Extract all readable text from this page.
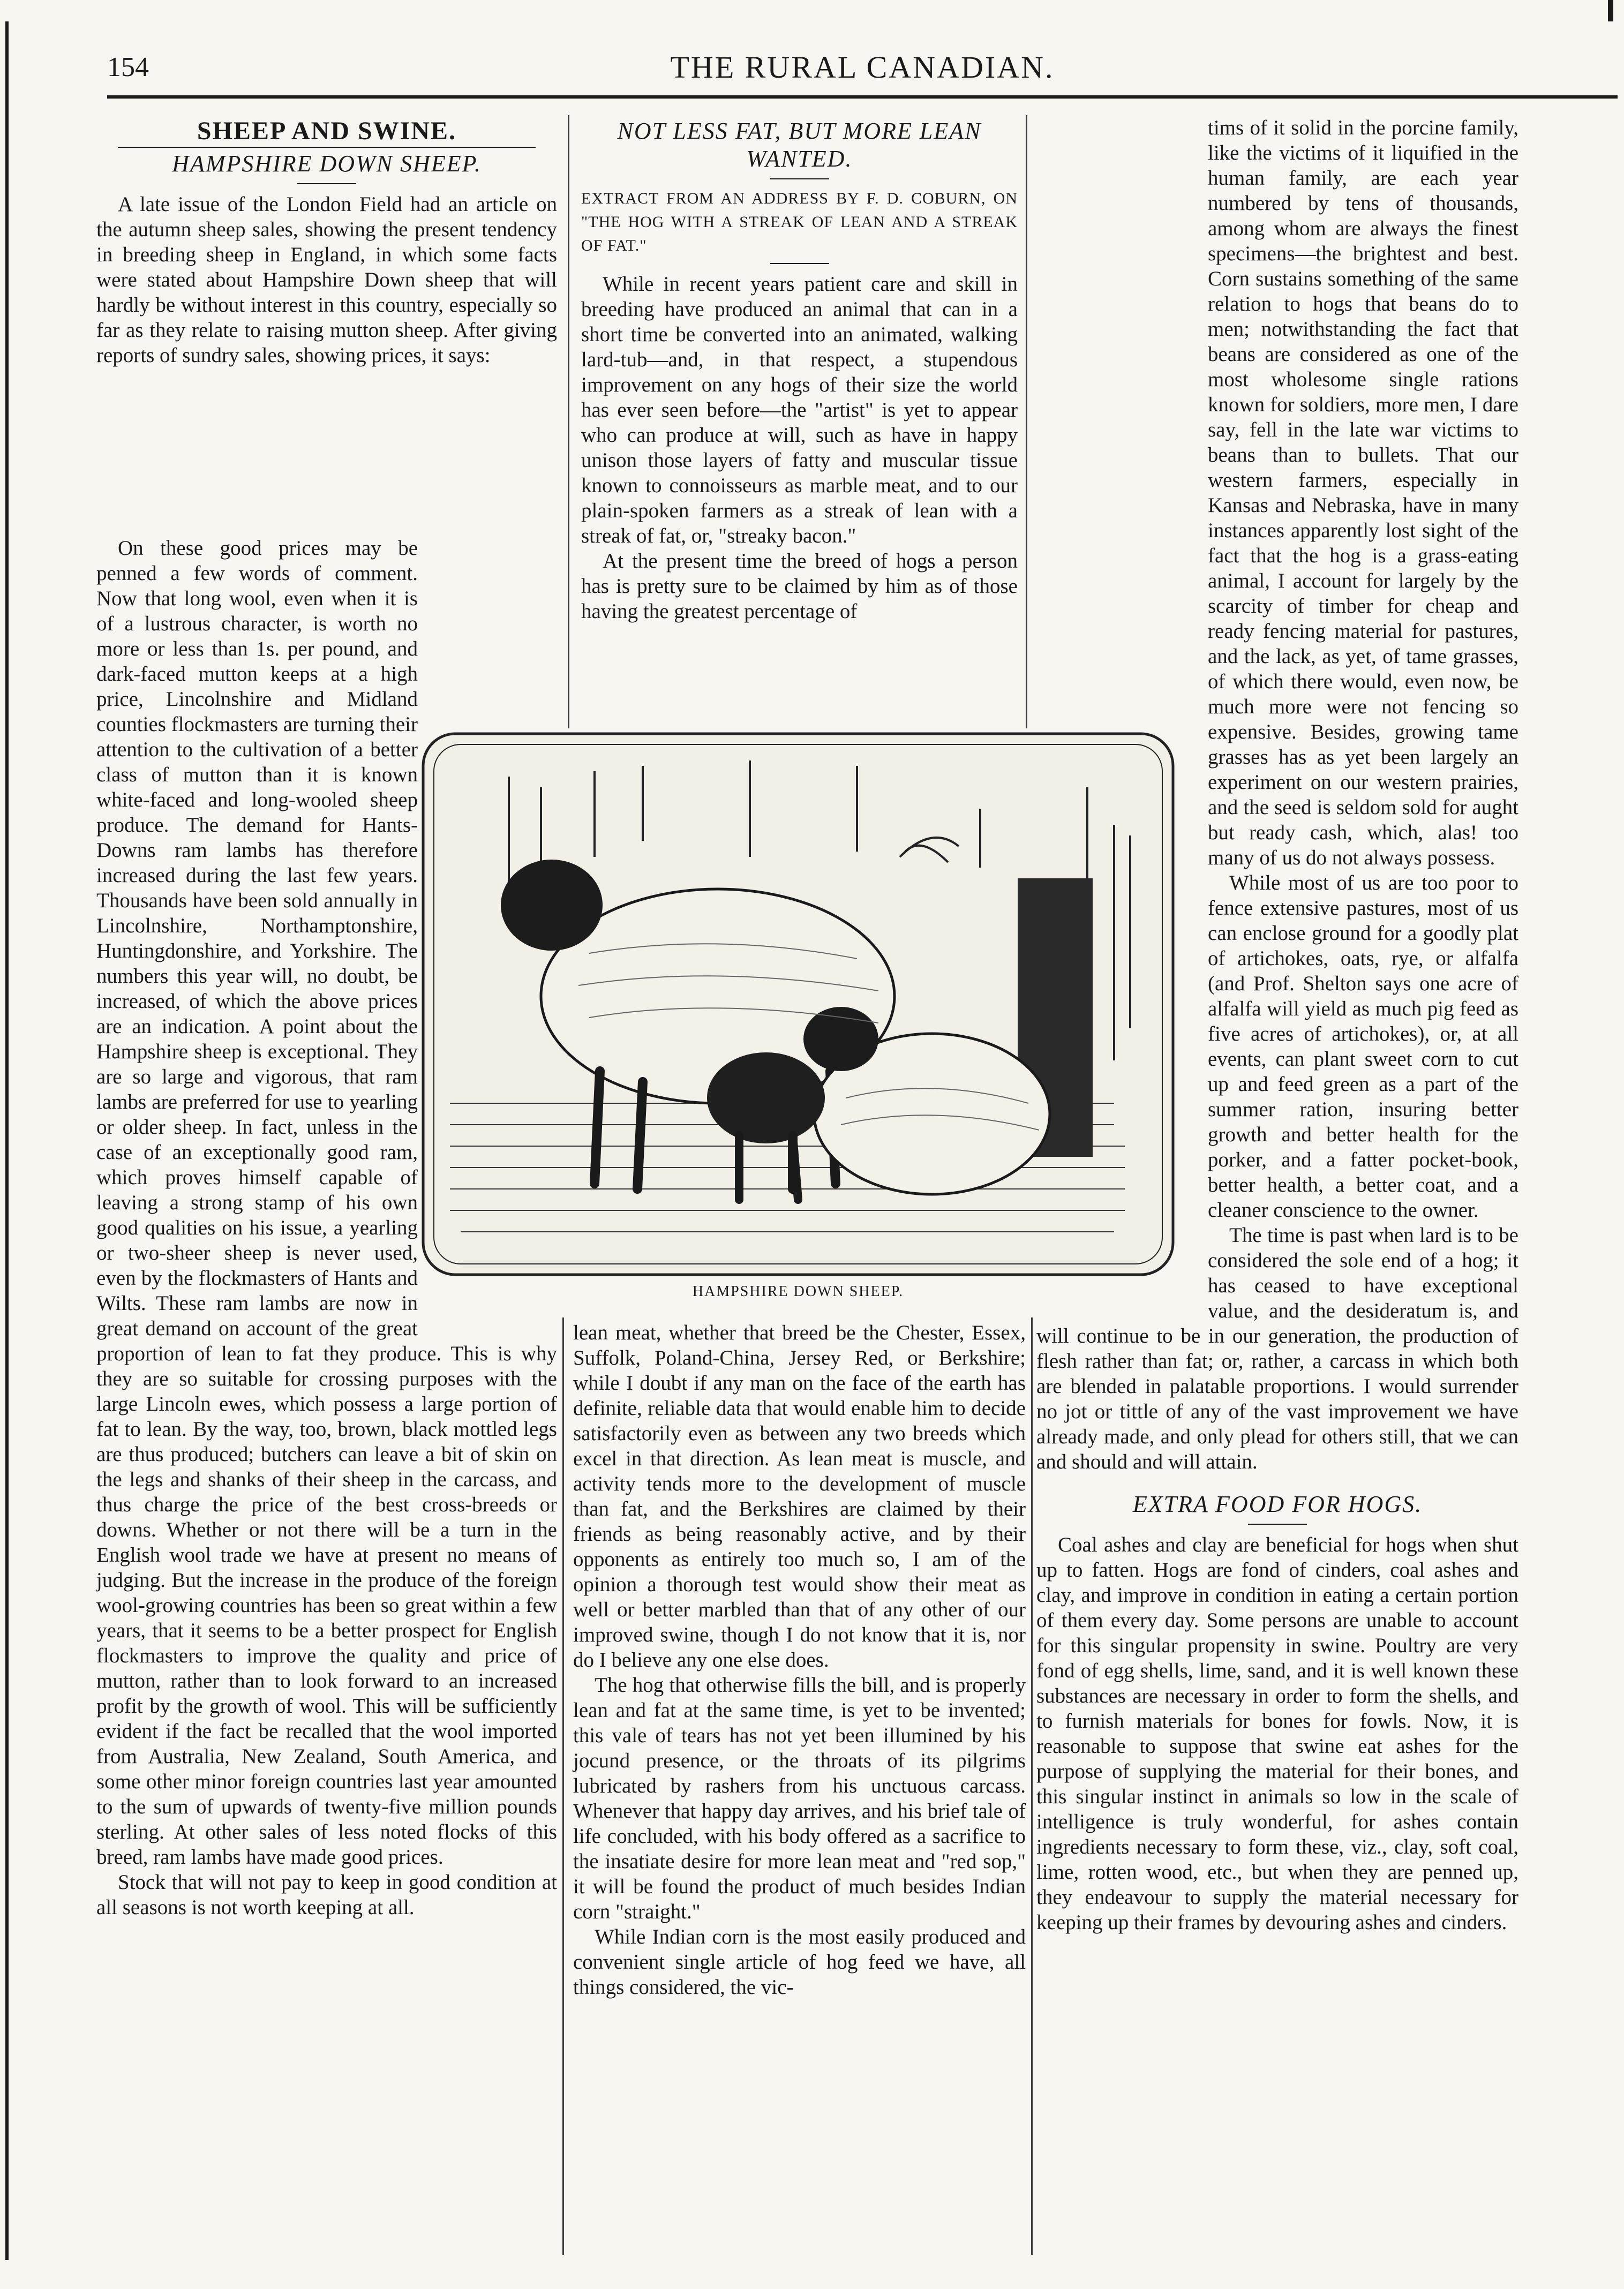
154	THE RURAL CANADIAN.
SHEEP AND SWINE.
HAMPSHIRE DOWN SHEEP.

A late issue of the London Field had an article on the autumn sheep sales, showing the present tendency in breeding sheep in England, in which some facts were stated about Hampshire Down sheep that will hardly be without interest in this country, especially so far as they relate to raising mutton sheep. After giving reports of sundry sales, showing prices, it says:

On these good prices may be penned a few words of comment. Now that long wool, even when it is of a lustrous character, is worth no more or less than 1s. per pound, and dark-faced mutton keeps at a high price, Lincolnshire and Midland counties flockmasters are turning their attention to the cultivation of a better class of mutton than it is known white-faced and long-wooled sheep produce. The demand for Hants-Downs ram lambs has therefore increased during the last few years. Thousands have been sold annually in Lincolnshire, Northamptonshire, Huntingdonshire, and Yorkshire. The numbers this year will, no doubt, be increased, of which the above prices are an indication. A point about the Hampshire sheep is exceptional. They are so large and vigorous, that ram lambs are preferred for use to yearling or older sheep. In fact, unless in the case of an exceptionally good ram, which proves himself capable of leaving a strong stamp of his own good qualities on his issue, a yearling or two-sheer sheep is never used, even by the flockmasters of Hants and Wilts. These ram lambs are now in great demand on account of the great proportion of lean to fat they produce. This is why they are so suitable for crossing purposes with the large Lincoln ewes, which possess a large portion of fat to lean. By the way, too, brown, black mottled legs are thus produced; butchers can leave a bit of skin on the legs and shanks of their sheep in the carcass, and thus charge the price of the best cross-breeds or downs. Whether or not there will be a turn in the English wool trade we have at present no means of judging. But the increase in the produce of the foreign wool-growing countries has been so great within a few years, that it seems to be a better prospect for English flockmasters to improve the quality and price of mutton, rather than to look forward to an increased profit by the growth of wool. This will be sufficiently evident if the fact be recalled that the wool imported from Australia, New Zealand, South America, and some other minor foreign countries last year amounted to the sum of upwards of twenty-five million pounds sterling. At other sales of less noted flocks of this breed, ram lambs have made good prices.

Stock that will not pay to keep in good condition at all seasons is not worth keeping at all.

NOT LESS FAT, BUT MORE LEAN WANTED.
EXTRACT FROM AN ADDRESS BY F. D. COBURN, ON "THE HOG WITH A STREAK OF LEAN AND A STREAK OF FAT."

While in recent years patient care and skill in breeding have produced an animal that can in a short time be converted into an animated, walking lard-tub—and, in that respect, a stupendous improvement on any hogs of their size the world has ever seen before—the "artist" is yet to appear who can produce at will, such as have in happy unison those layers of fatty and muscular tissue known to connoisseurs as marble meat, and to our plain-spoken farmers as a streak of lean with a streak of fat, or, "streaky bacon."

At the present time the breed of hogs a person has is pretty sure to be claimed by him as of those having the greatest percentage of

lean meat, whether that breed be the Chester, Essex, Suffolk, Poland-China, Jersey Red, or Berkshire; while I doubt if any man on the face of the earth has definite, reliable data that would enable him to decide satisfactorily even as between any two breeds which excel in that direction. As lean meat is muscle, and activity tends more to the development of muscle than fat, and the Berkshires are claimed by their friends as being reasonably active, and by their opponents as entirely too much so, I am of the opinion a thorough test would show their meat as well or better marbled than that of any other of our improved swine, though I do not know that it is, nor do I believe any one else does.

The hog that otherwise fills the bill, and is properly lean and fat at the same time, is yet to be invented; this vale of tears has not yet been illumined by his jocund presence, or the throats of its pilgrims lubricated by rashers from his unctuous carcass. Whenever that happy day arrives, and his brief tale of life concluded, with his body offered as a sacrifice to the insatiate desire for more lean meat and "red sop," it will be found the product of much besides Indian corn "straight."

While Indian corn is the most easily produced and convenient single article of hog feed we have, all things considered, the vic-

tims of it solid in the porcine family, like the victims of it liquified in the human family, are each year numbered by tens of thousands, among whom are always the finest specimens—the brightest and best. Corn sustains something of the same relation to hogs that beans do to men; notwithstanding the fact that beans are considered as one of the most wholesome single rations known for soldiers, more men, I dare say, fell in the late war victims to beans than to bullets. That our western farmers, especially in Kansas and Nebraska, have in many instances apparently lost sight of the fact that the hog is a grass-eating animal, I account for largely by the scarcity of timber for cheap and ready fencing material for pastures, and the lack, as yet, of tame grasses, of which there would, even now, be much more were not fencing so expensive. Besides, growing tame grasses has as yet been largely an experiment on our western prairies, and the seed is seldom sold for aught but ready cash, which, alas! too many of us do not always possess.

While most of us are too poor to fence extensive pastures, most of us can enclose ground for a goodly plat of artichokes, oats, rye, or alfalfa (and Prof. Shelton says one acre of alfalfa will yield as much pig feed as five acres of artichokes), or, at all events, can plant sweet corn to cut up and feed green as a part of the summer ration, insuring better growth and better health for the porker, and a fatter pocket-book, better health, a better coat, and a cleaner conscience to the owner.

The time is past when lard is to be considered the sole end of a hog; it has ceased to have exceptional value, and the desideratum is, and will continue to be in our generation, the production of flesh rather than fat; or, rather, a carcass in which both are blended in palatable proportions. I would surrender no jot or tittle of any of the vast improvement we have already made, and only plead for others still, that we can and should and will attain.

EXTRA FOOD FOR HOGS.

Coal ashes and clay are beneficial for hogs when shut up to fatten. Hogs are fond of cinders, coal ashes and clay, and improve in condition in eating a certain portion of them every day. Some persons are unable to account for this singular propensity in swine. Poultry are very fond of egg shells, lime, sand, and it is well known these substances are necessary in order to form the shells, and to furnish materials for bones for fowls. Now, it is reasonable to suppose that swine eat ashes for the purpose of supplying the material for their bones, and this singular instinct in animals so low in the scale of intelligence is truly wonderful, for ashes contain ingredients necessary to form these, viz., clay, soft coal, lime, rotten wood, etc., but when they are penned up, they endeavour to supply the material necessary for keeping up their frames by devouring ashes and cinders.

HAMPSHIRE DOWN SHEEP.
